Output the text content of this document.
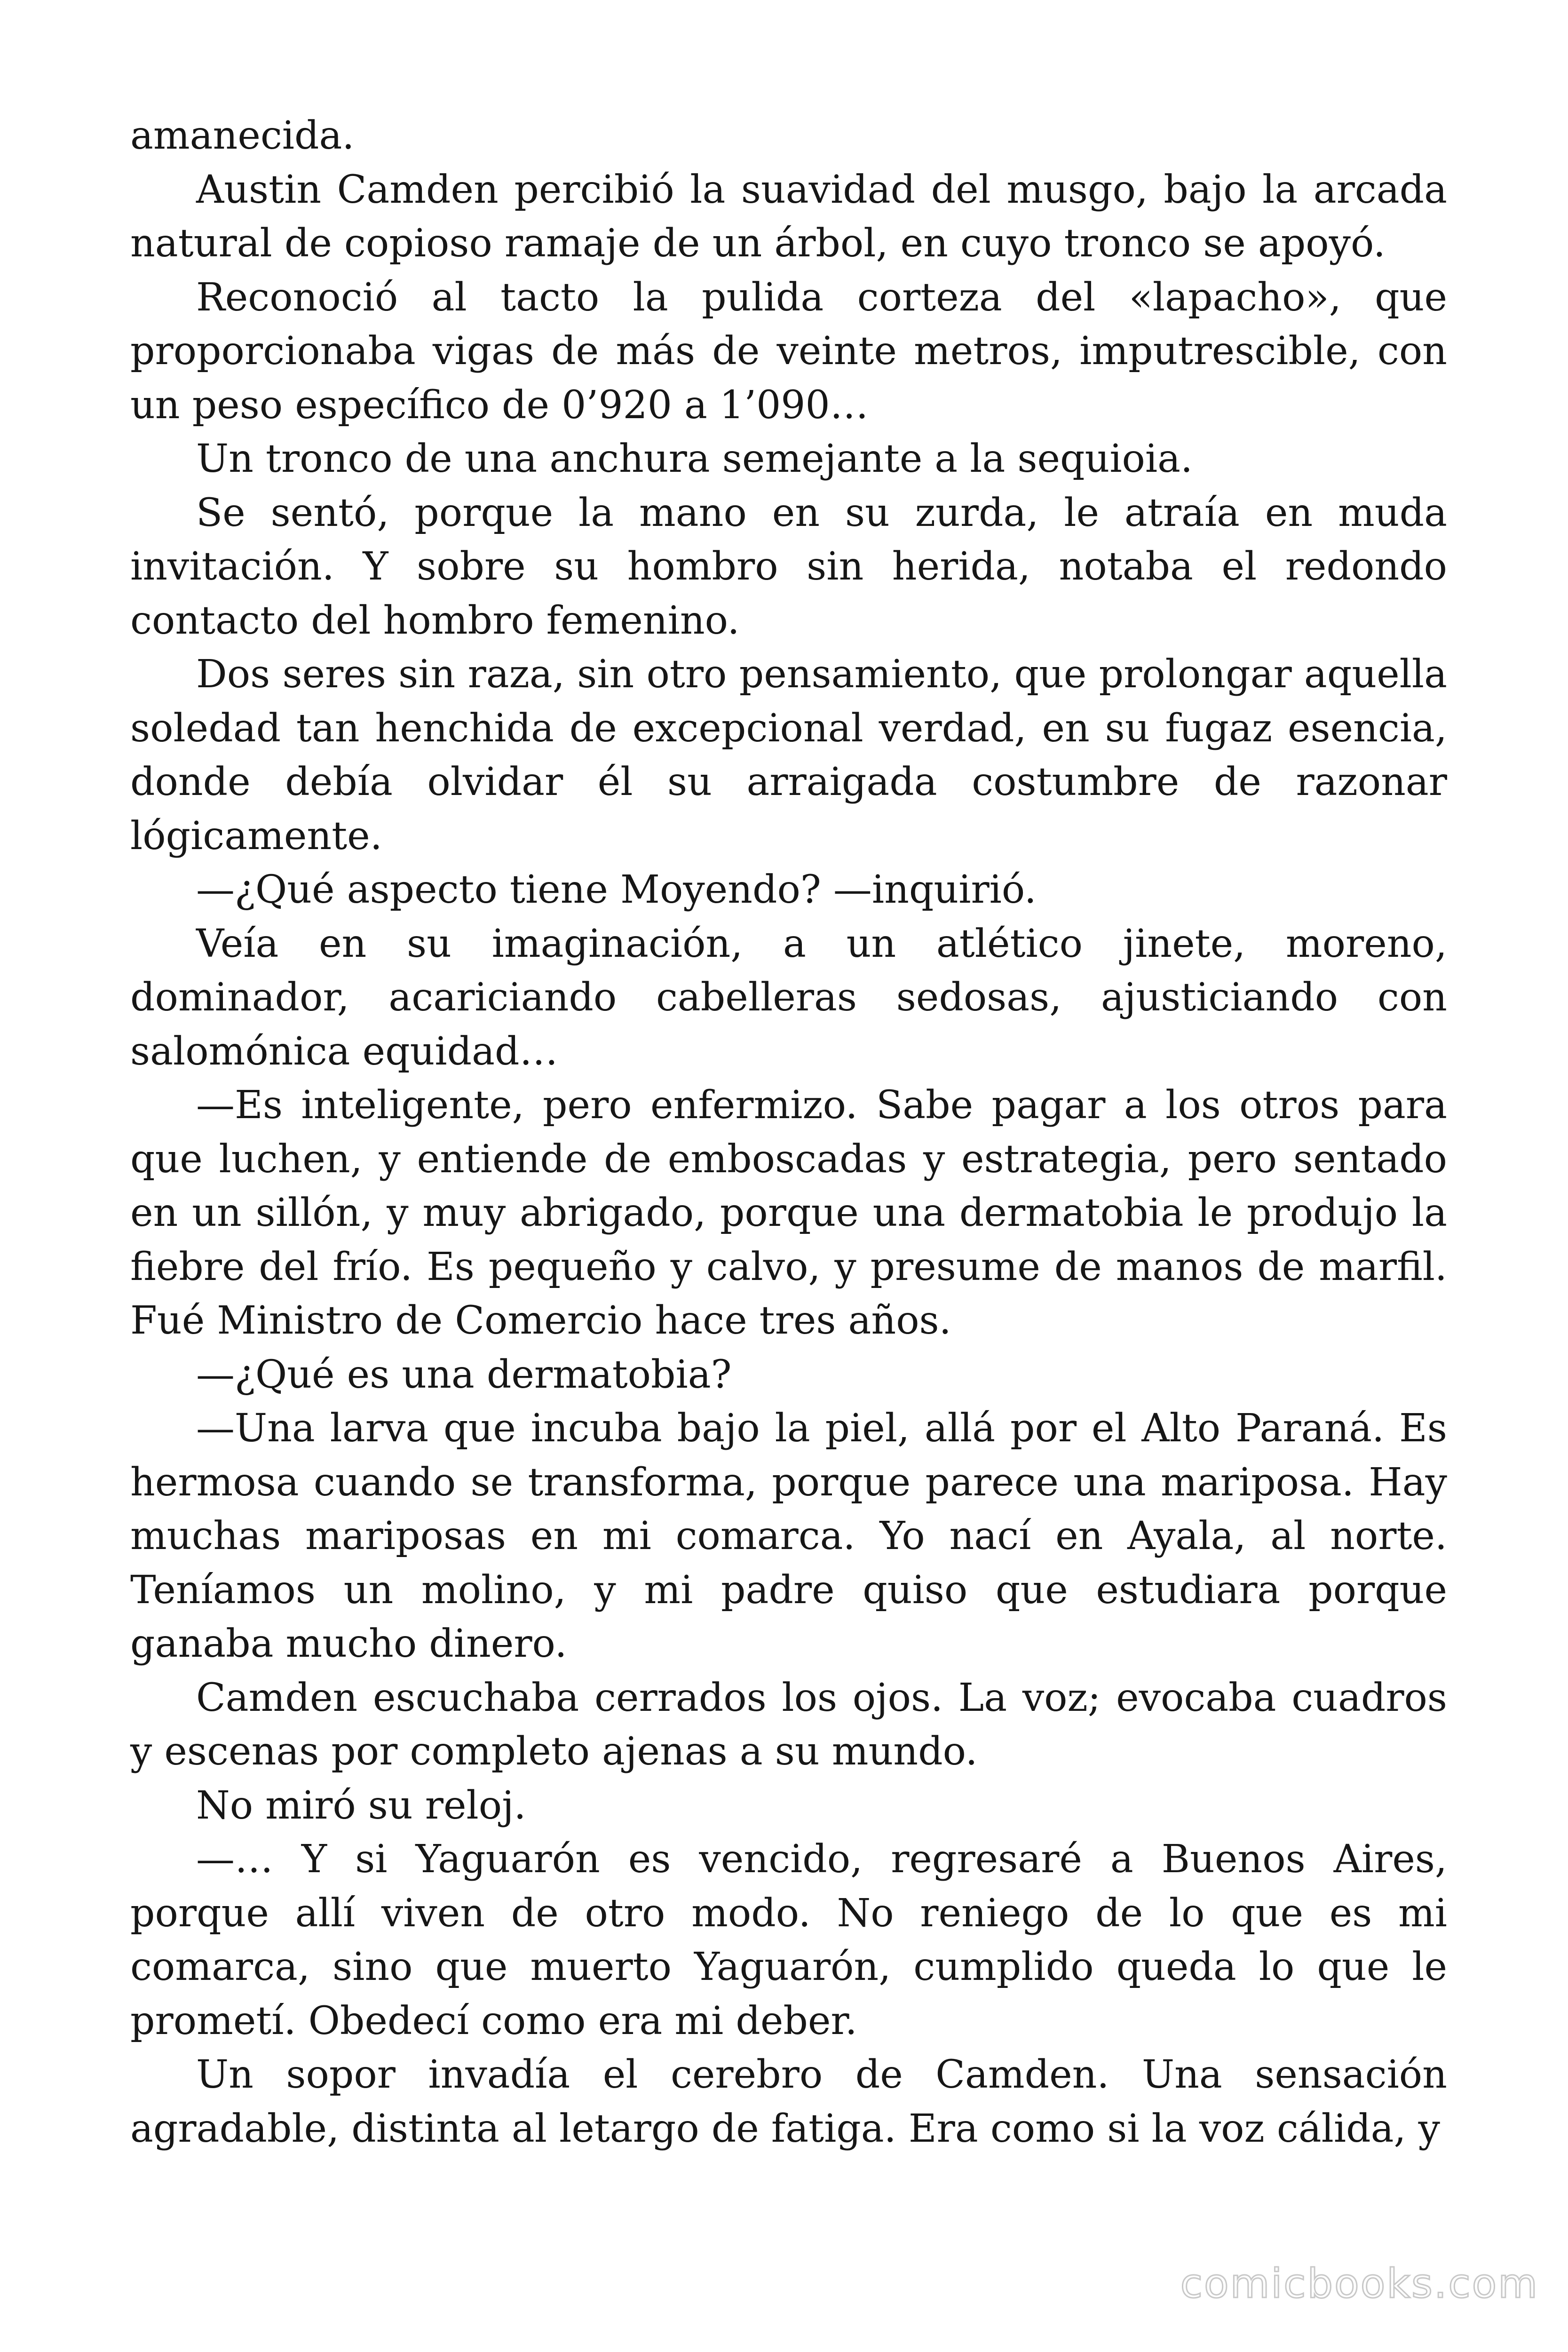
amanecida.

Austin Camden percibió la suavidad del musgo, bajo la arcada natural de copioso ramaje de un árbol, en cuyo tronco se apoyó.

Reconoció al tacto la pulida corteza del «lapacho», que proporcionaba vigas de más de veinte metros, imputrescible, con un peso específico de 0’920 a 1’090…

Un tronco de una anchura semejante a la sequioia.

Se sentó, porque la mano en su zurda, le atraía en muda invitación. Y sobre su hombro sin herida, notaba el redondo contacto del hombro femenino.

Dos seres sin raza, sin otro pensamiento, que prolongar aquella soledad tan henchida de excepcional verdad, en su fugaz esencia, donde debía olvidar él su arraigada costumbre de razonar lógicamente.

—¿Qué aspecto tiene Moyendo? —inquirió.

Veía en su imaginación, a un atlético jinete, moreno, dominador, acariciando cabelleras sedosas, ajusticiando con salomónica equidad…

—Es inteligente, pero enfermizo. Sabe pagar a los otros para que luchen, y entiende de emboscadas y estrategia, pero sentado en un sillón, y muy abrigado, porque una dermatobia le produjo la fiebre del frío. Es pequeño y calvo, y presume de manos de marfil. Fué Ministro de Comercio hace tres años.

—¿Qué es una dermatobia?

—Una larva que incuba bajo la piel, allá por el Alto Paraná. Es hermosa cuando se transforma, porque parece una mariposa. Hay muchas mariposas en mi comarca. Yo nací en Ayala, al norte. Teníamos un molino, y mi padre quiso que estudiara porque ganaba mucho dinero.

Camden escuchaba cerrados los ojos. La voz; evocaba cuadros y escenas por completo ajenas a su mundo.

No miró su reloj.

—… Y si Yaguarón es vencido, regresaré a Buenos Aires, porque allí viven de otro modo. No reniego de lo que es mi comarca, sino que muerto Yaguarón, cumplido queda lo que le prometí. Obedecí como era mi deber.

Un sopor invadía el cerebro de Camden. Una sensación agradable, distinta al letargo de fatiga. Era como si la voz cálida, y

comicbooks.com
